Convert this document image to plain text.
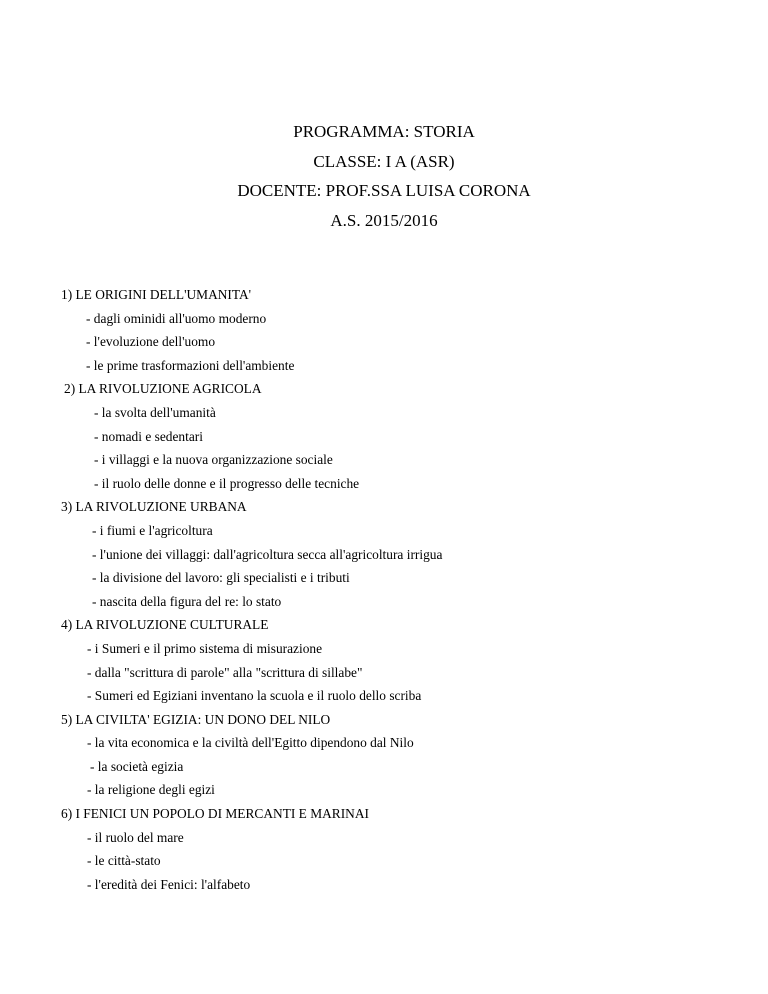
PROGRAMMA: STORIA
CLASSE: I A (ASR)
DOCENTE: PROF.SSA LUISA CORONA
A.S. 2015/2016
1) LE ORIGINI DELL'UMANITA'
- dagli ominidi all'uomo moderno
- l'evoluzione dell'uomo
- le prime trasformazioni dell'ambiente
2) LA RIVOLUZIONE AGRICOLA
- la svolta dell'umanità
- nomadi e sedentari
- i villaggi e la nuova organizzazione sociale
- il ruolo delle donne e il progresso delle tecniche
3) LA RIVOLUZIONE URBANA
- i fiumi e l'agricoltura
- l'unione dei villaggi: dall'agricoltura secca all'agricoltura irrigua
- la divisione del lavoro: gli specialisti e i tributi
- nascita della figura del re: lo stato
4) LA RIVOLUZIONE CULTURALE
- i Sumeri e il primo sistema di misurazione
- dalla "scrittura di parole" alla "scrittura di sillabe"
- Sumeri ed Egiziani inventano la scuola e il ruolo dello scriba
5) LA CIVILTA' EGIZIA: UN DONO DEL NILO
- la vita economica e la civiltà dell'Egitto dipendono dal Nilo
- la società egizia
- la religione degli egizi
6) I FENICI UN POPOLO DI MERCANTI E MARINAI
- il ruolo del mare
- le città-stato
- l'eredità dei Fenici: l'alfabeto
